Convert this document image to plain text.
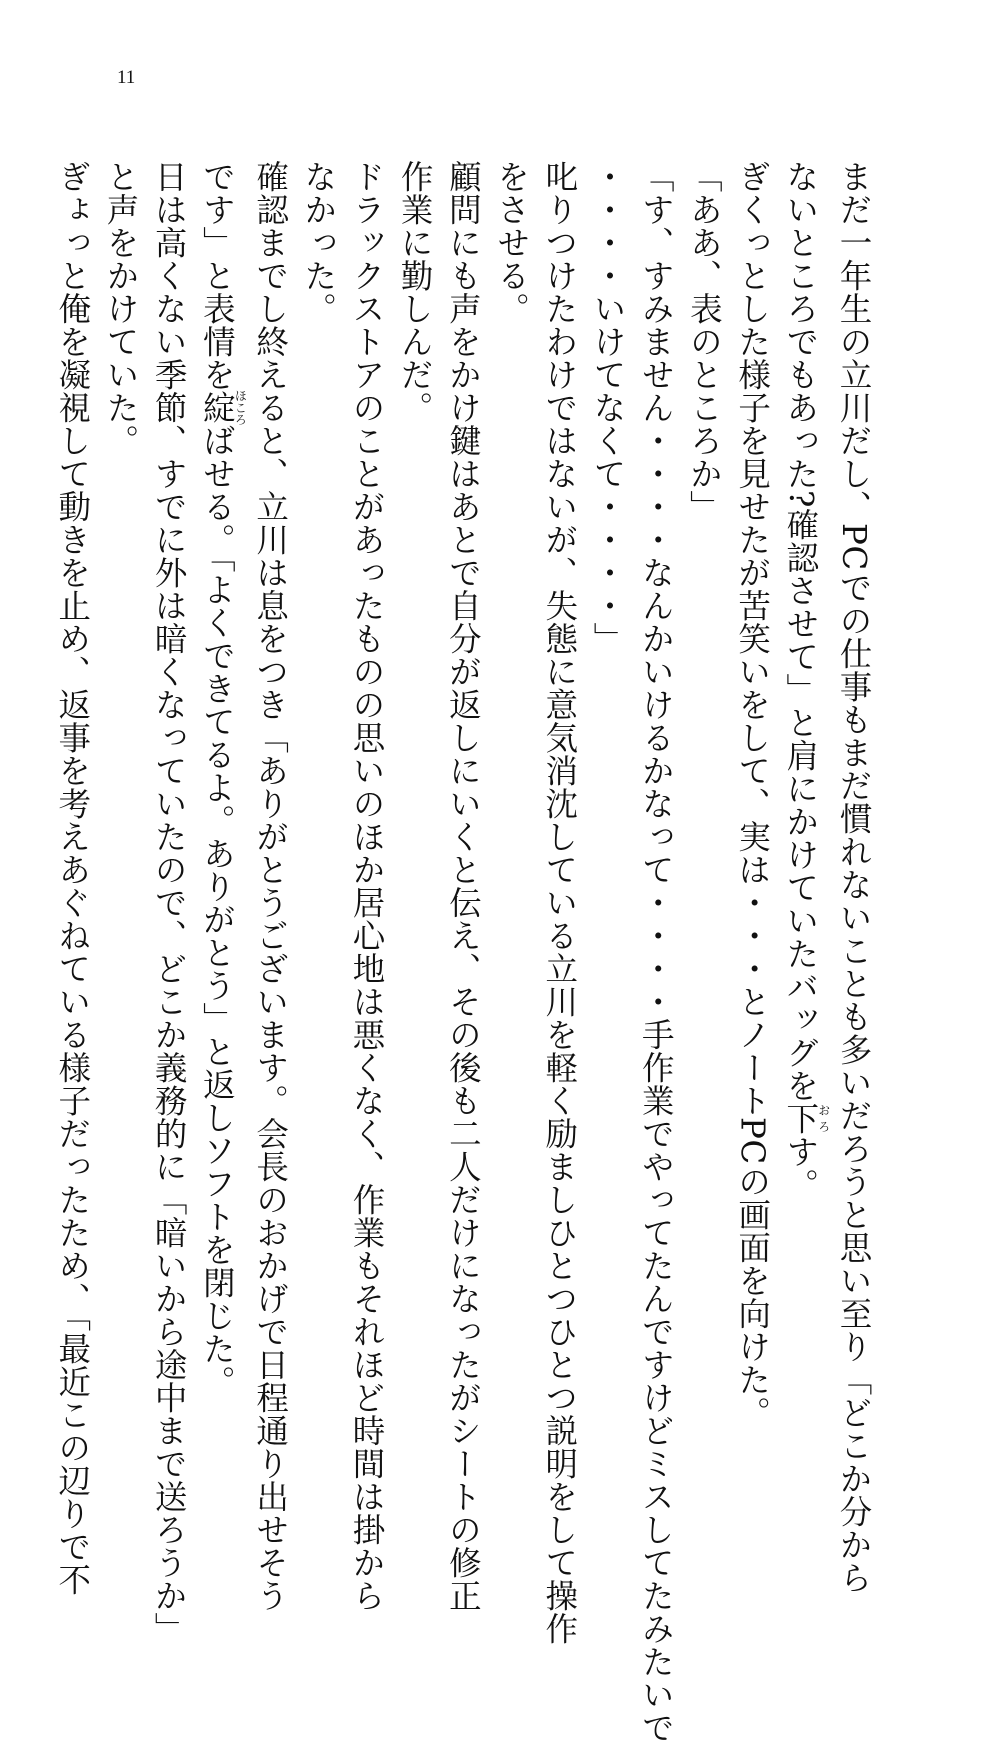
11
まだ一年生の立川だし、PCでの仕事もまだ慣れないことも多いだろうと思い至り「どこか分から
ないところでもあった?確認させて」と肩にかけていたバッグを下おろす。
ぎくっとした様子を見せたが苦笑いをして、実は・・・とノートPCの画面を向けた。
「ああ、表のところか」
「す、すみません・・・・なんかいけるかなって・・・・手作業でやってたんですけどミスしてたみたいで
・・・・いけてなくて・・・・」
叱りつけたわけではないが、失態に意気消沈している立川を軽く励ましひとつひとつ説明をして操作
をさせる。
顧問にも声をかけ鍵はあとで自分が返しにいくと伝え、その後も二人だけになったがシートの修正
作業に勤しんだ。
ドラックストアのことがあったものの思いのほか居心地は悪くなく、作業もそれほど時間は掛から
なかった。
確認までし終えると、立川は息をつき「ありがとうございます。会長のおかげで日程通り出せそう
です」と表情を綻ほころばせる。「よくできてるよ。ありがとう」と返しソフトを閉じた。
日は高くない季節、すでに外は暗くなっていたので、どこか義務的に「暗いから途中まで送ろうか」
と声をかけていた。
ぎょっと俺を凝視して動きを止め、返事を考えあぐねている様子だったため、「最近この辺りで不
